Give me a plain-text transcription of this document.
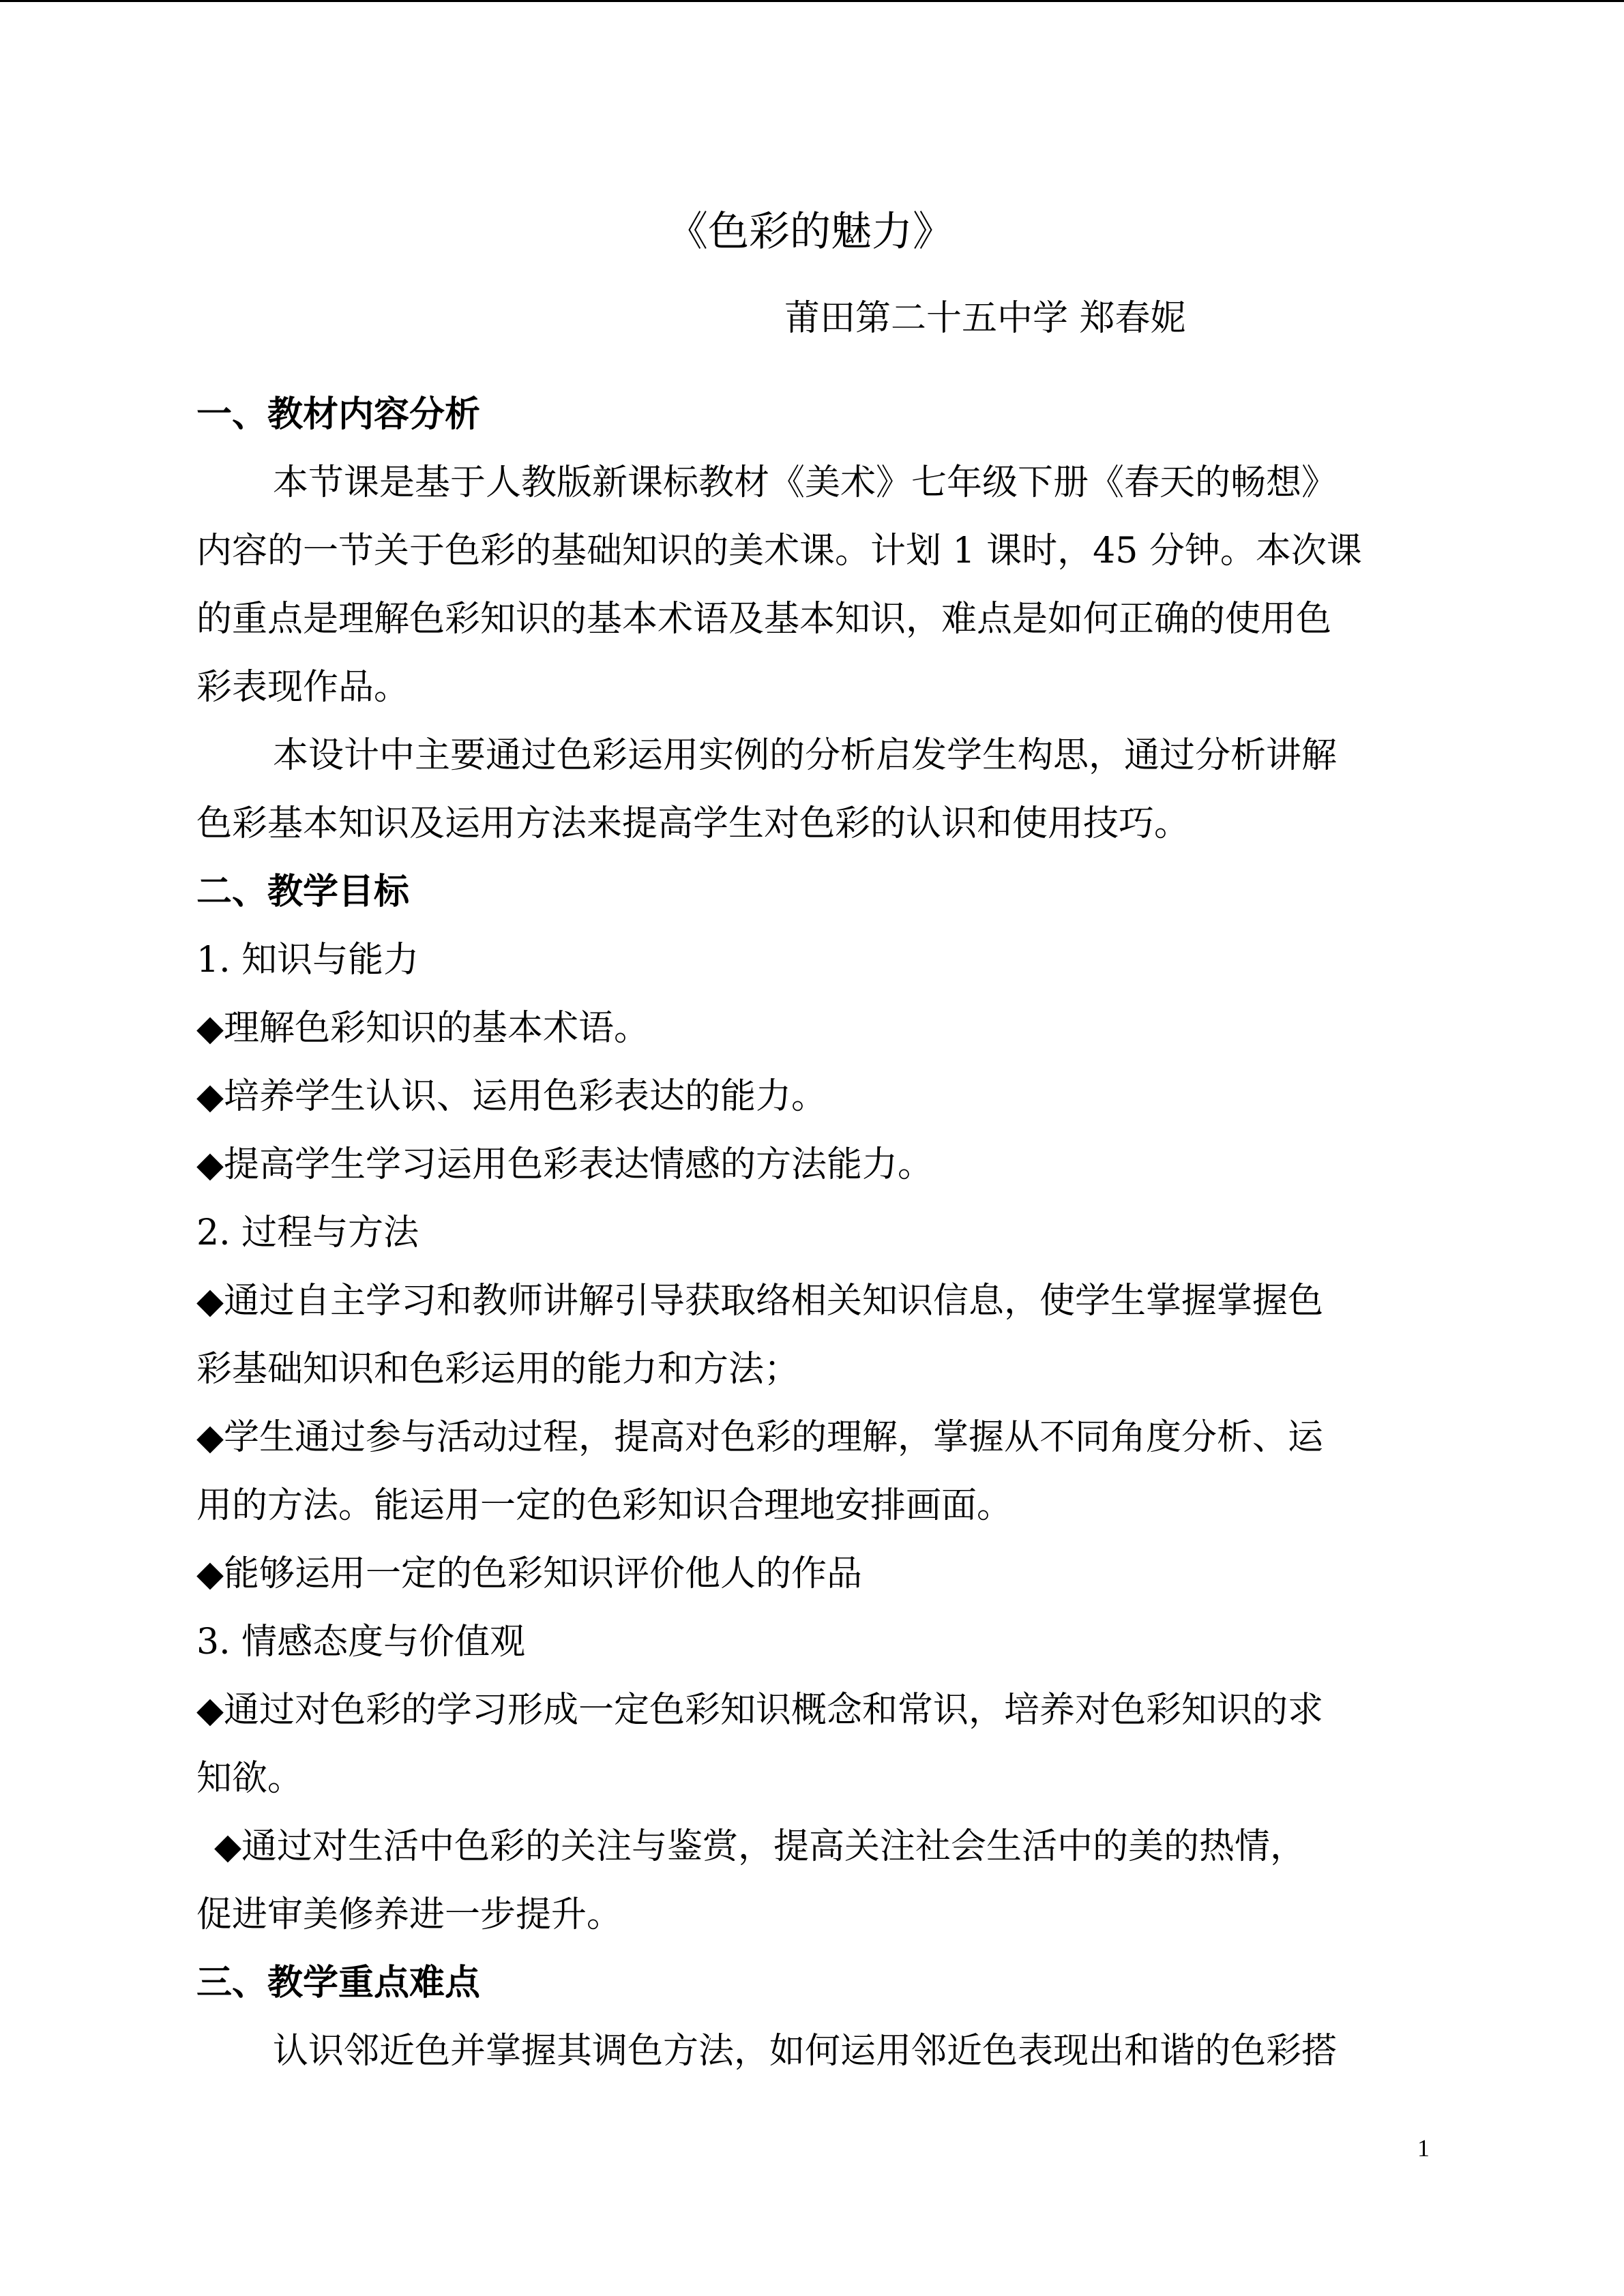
《色彩的魅力》
莆田第二十五中学 郑春妮
一、教材内容分析
本节课是基于人教版新课标教材《美术》七年级下册《春天的畅想》
内容的一节关于色彩的基础知识的美术课。计划 1 课时，45 分钟。本次课
的重点是理解色彩知识的基本术语及基本知识，难点是如何正确的使用色
彩表现作品。
本设计中主要通过色彩运用实例的分析启发学生构思，通过分析讲解
色彩基本知识及运用方法来提高学生对色彩的认识和使用技巧。
二、教学目标
1. 知识与能力
◆理解色彩知识的基本术语。
◆培养学生认识、运用色彩表达的能力。
◆提高学生学习运用色彩表达情感的方法能力。
2. 过程与方法
◆通过自主学习和教师讲解引导获取络相关知识信息，使学生掌握掌握色
彩基础知识和色彩运用的能力和方法；
◆学生通过参与活动过程，提高对色彩的理解，掌握从不同角度分析、运
用的方法。能运用一定的色彩知识合理地安排画面。
◆能够运用一定的色彩知识评价他人的作品
3. 情感态度与价值观
◆通过对色彩的学习形成一定色彩知识概念和常识，培养对色彩知识的求
知欲。
◆通过对生活中色彩的关注与鉴赏，提高关注社会生活中的美的热情，
促进审美修养进一步提升。
三、教学重点难点
认识邻近色并掌握其调色方法，如何运用邻近色表现出和谐的色彩搭
1
